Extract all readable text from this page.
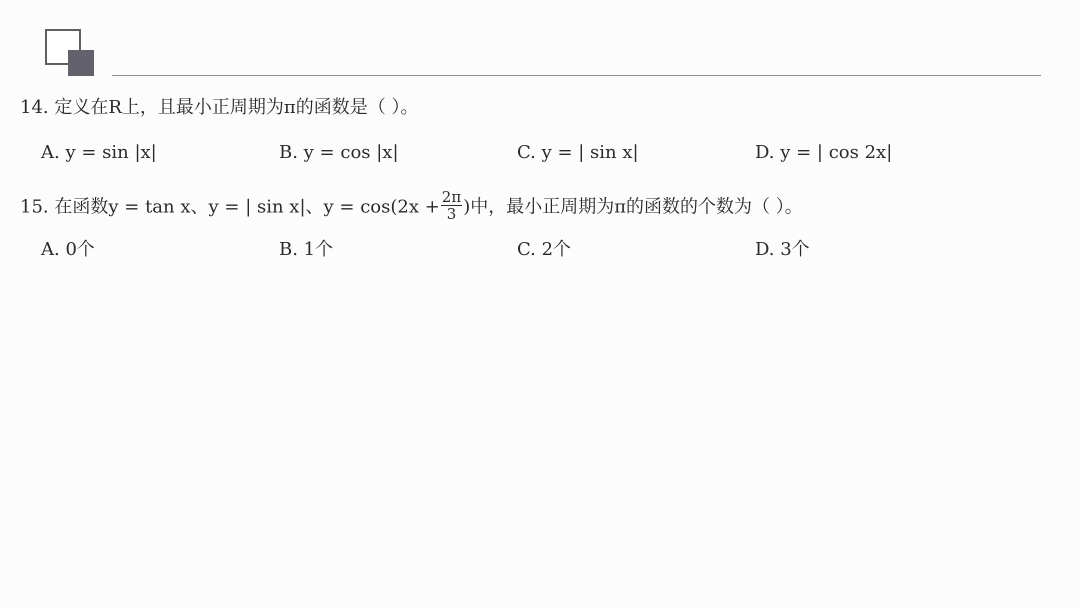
14. 定义在R上，且最小正周期为π的函数是（ ）。
A. y = sin |x|	B. y = cos |x|	C. y = | sin x|	D. y = | cos 2x|
15. 在函数y = tan x、y = | sin x|、$y = \cos(2x + \frac{2\pi}{3}$ )中，最小正周期为π的函数的个数为（ ）。
A. 0个	B. 1个	C. 2个	D. 3个
